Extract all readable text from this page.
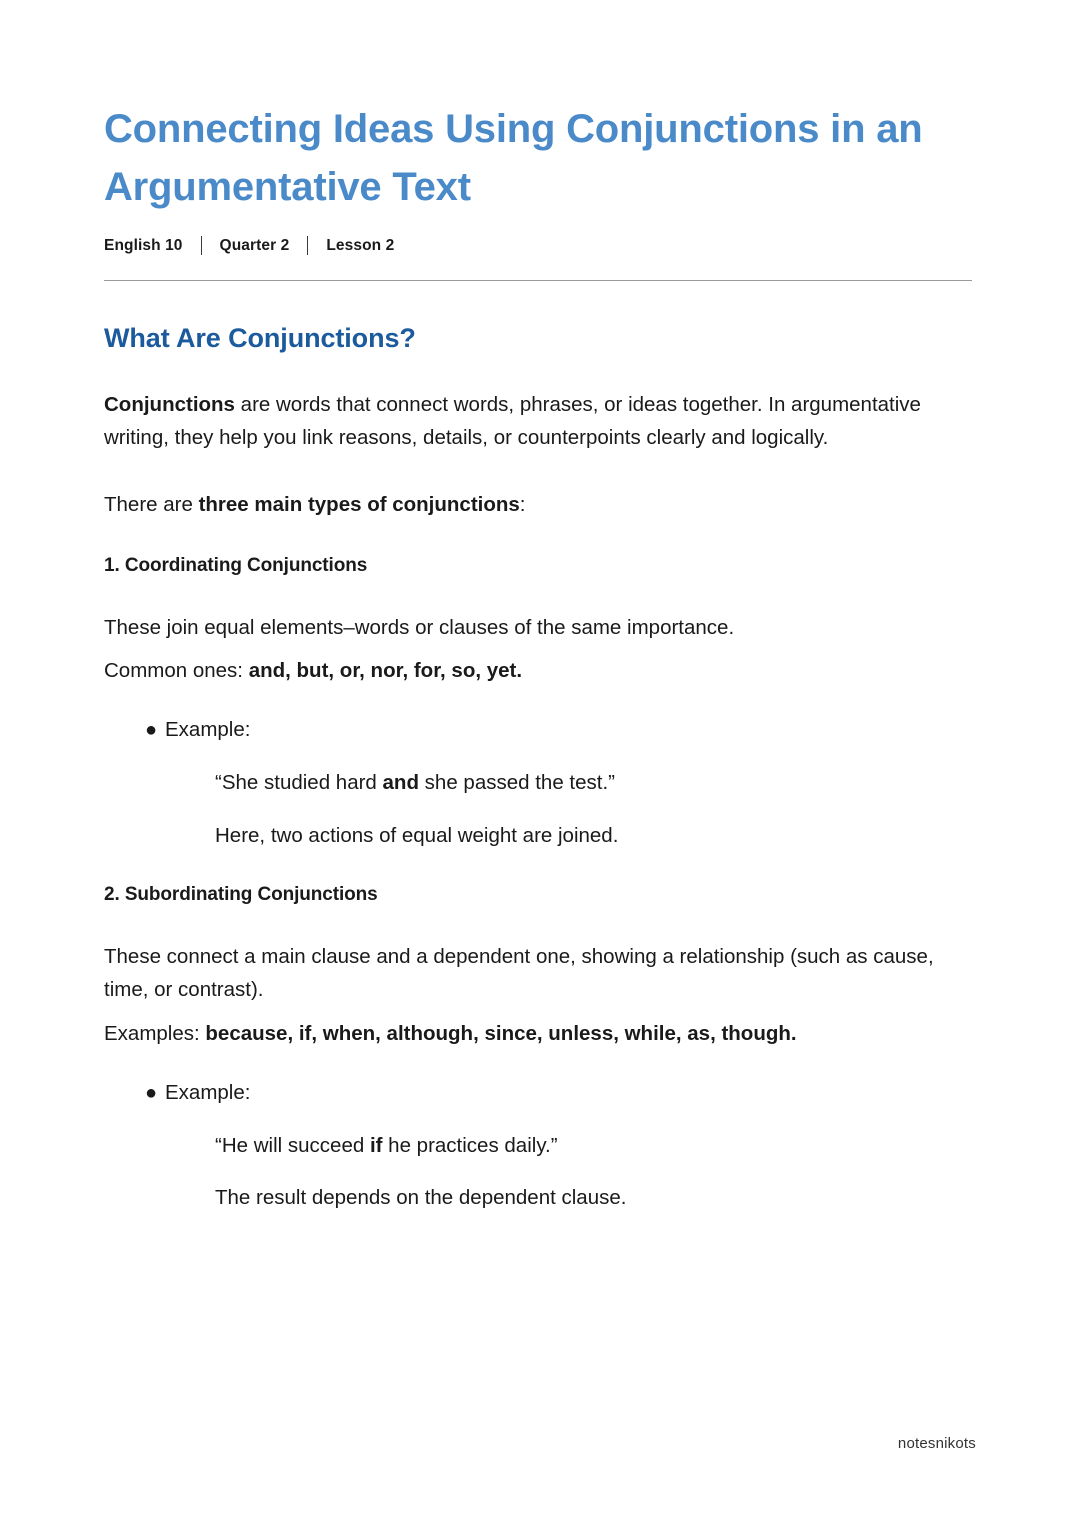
Connecting Ideas Using Conjunctions in an Argumentative Text
English 10 Quarter 2 Lesson 2
What Are Conjunctions?

Conjunctions are words that connect words, phrases, or ideas together. In argumentative writing, they help you link reasons, details, or counterpoints clearly and logically.

There are three main types of conjunctions:

1. Coordinating Conjunctions

These join equal elements–words or clauses of the same importance.

Common ones: and, but, or, nor, for, so, yet.

● Example:
“She studied hard and she passed the test.”
Here, two actions of equal weight are joined.
2. Subordinating Conjunctions

These connect a main clause and a dependent one, showing a relationship (such as cause, time, or contrast).

Examples: because, if, when, although, since, unless, while, as, though.

● Example:
“He will succeed if he practices daily.”
The result depends on the dependent clause.
notesnikots
